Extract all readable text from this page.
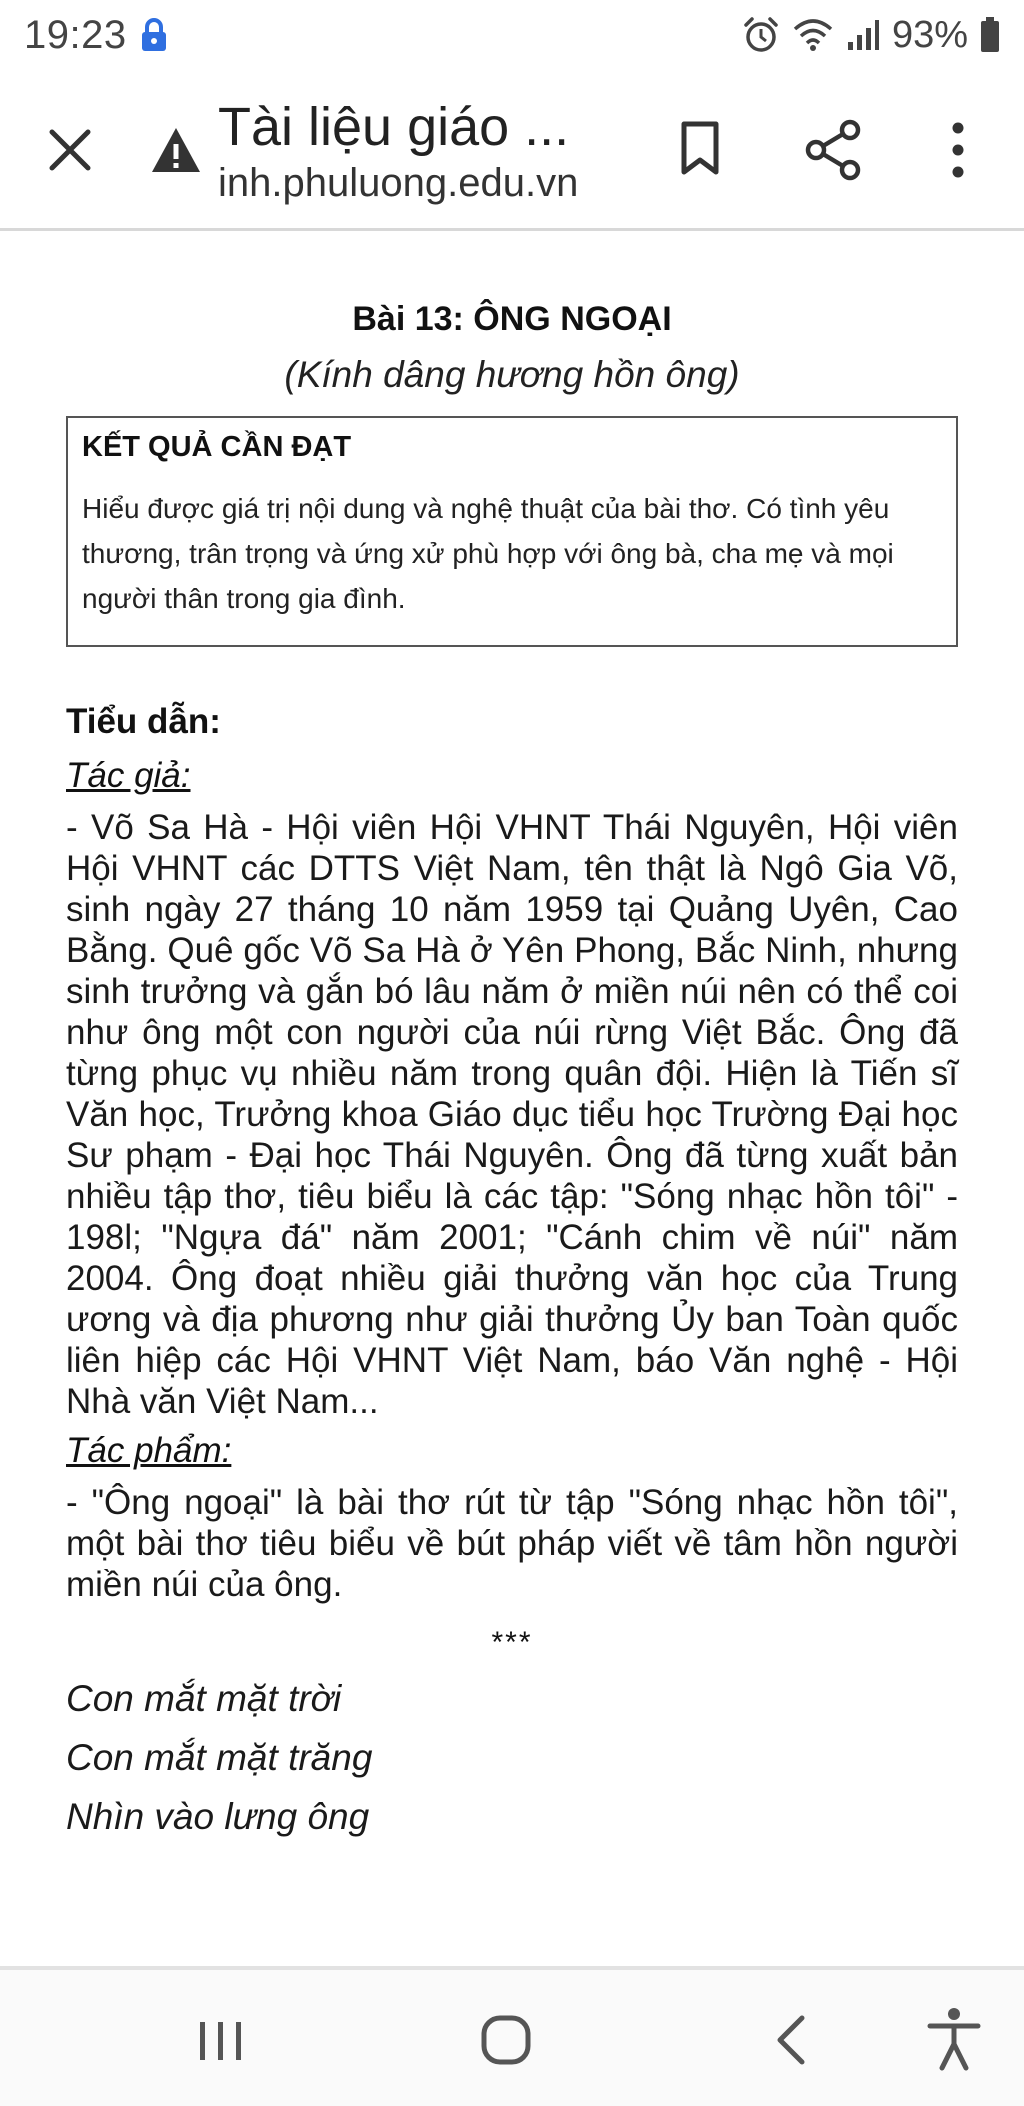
19:23	93%
Tài liệu giáo ...
inh.phuluong.edu.vn
Bài 13: ÔNG NGOẠI

(Kính dâng hương hồn ông)

KẾT QUẢ CẦN ĐẠT

Hiểu được giá trị nội dung và nghệ thuật của bài thơ. Có tình yêu thương, trân trọng và ứng xử phù hợp với ông bà, cha mẹ và mọi người thân trong gia đình.

Tiểu dẫn:

Tác giả:

- Võ Sa Hà - Hội viên Hội VHNT Thái Nguyên, Hội viên Hội VHNT các DTTS Việt Nam, tên thật là Ngô Gia Võ, sinh ngày 27 tháng 10 năm 1959 tại Quảng Uyên, Cao Bằng. Quê gốc Võ Sa Hà ở Yên Phong, Bắc Ninh, nhưng sinh trưởng và gắn bó lâu năm ở miền núi nên có thể coi như ông một con người của núi rừng Việt Bắc. Ông đã từng phục vụ nhiều năm trong quân đội. Hiện là Tiến sĩ Văn học, Trưởng khoa Giáo dục tiểu học Trường Đại học Sư phạm - Đại học Thái Nguyên. Ông đã từng xuất bản nhiều tập thơ, tiêu biểu là các tập: "Sóng nhạc hồn tôi" - 198l; "Ngựa đá" năm 2001; "Cánh chim về núi" năm 2004. Ông đoạt nhiều giải thưởng văn học của Trung ương và địa phương như giải thưởng Ủy ban Toàn quốc liên hiệp các Hội VHNT Việt Nam, báo Văn nghệ - Hội Nhà văn Việt Nam...

Tác phẩm:

- "Ông ngoại" là bài thơ rút từ tập "Sóng nhạc hồn tôi", một bài thơ tiêu biểu về bút pháp viết về tâm hồn người miền núi của ông.

***

Con mắt mặt trời

Con mắt mặt trăng

Nhìn vào lưng ông
